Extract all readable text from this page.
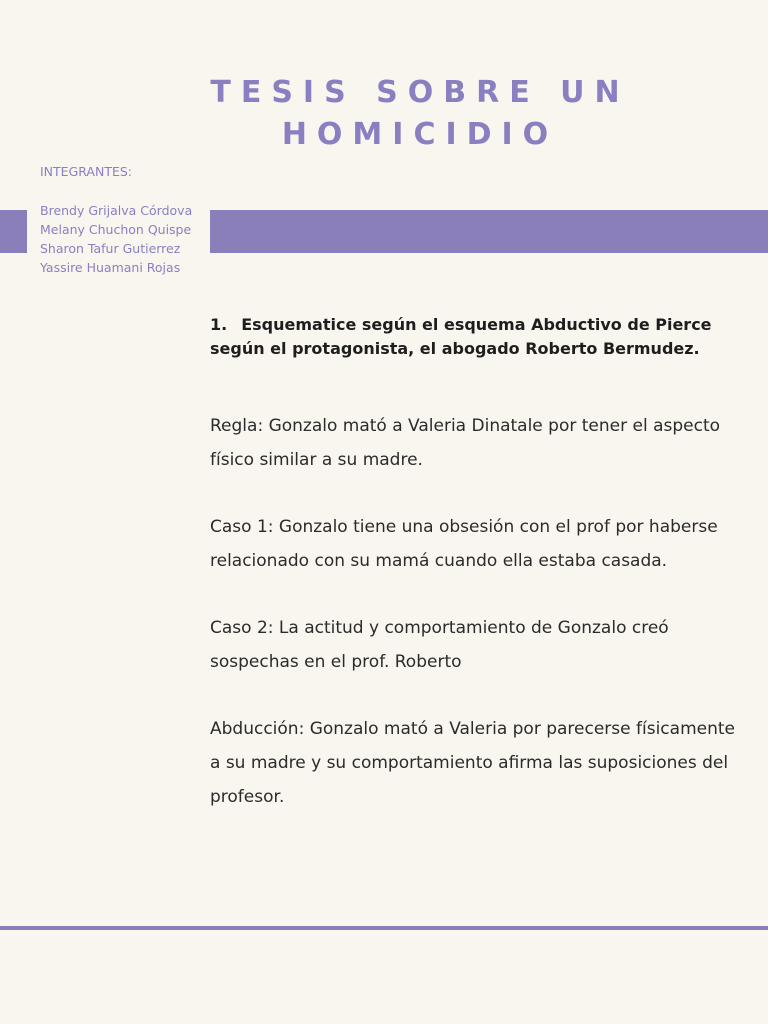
TESIS SOBRE UN
HOMICIDIO
INTEGRANTES:
Brendy Grijalva Córdova
Melany Chuchon Quispe
Sharon Tafur Gutierrez
Yassire Huamani Rojas

1. Esquematice según el esquema Abductivo de Pierce según el protagonista, el abogado Roberto Bermudez.

Regla: Gonzalo mató a Valeria Dinatale por tener el aspecto físico similar a su madre.

Caso 1: Gonzalo tiene una obsesión con el prof por haberse relacionado con su mamá cuando ella estaba casada.

Caso 2: La actitud y comportamiento de Gonzalo creó sospechas en el prof. Roberto

Abducción: Gonzalo mató a Valeria por parecerse físicamente a su madre y su comportamiento afirma las suposiciones del profesor.
